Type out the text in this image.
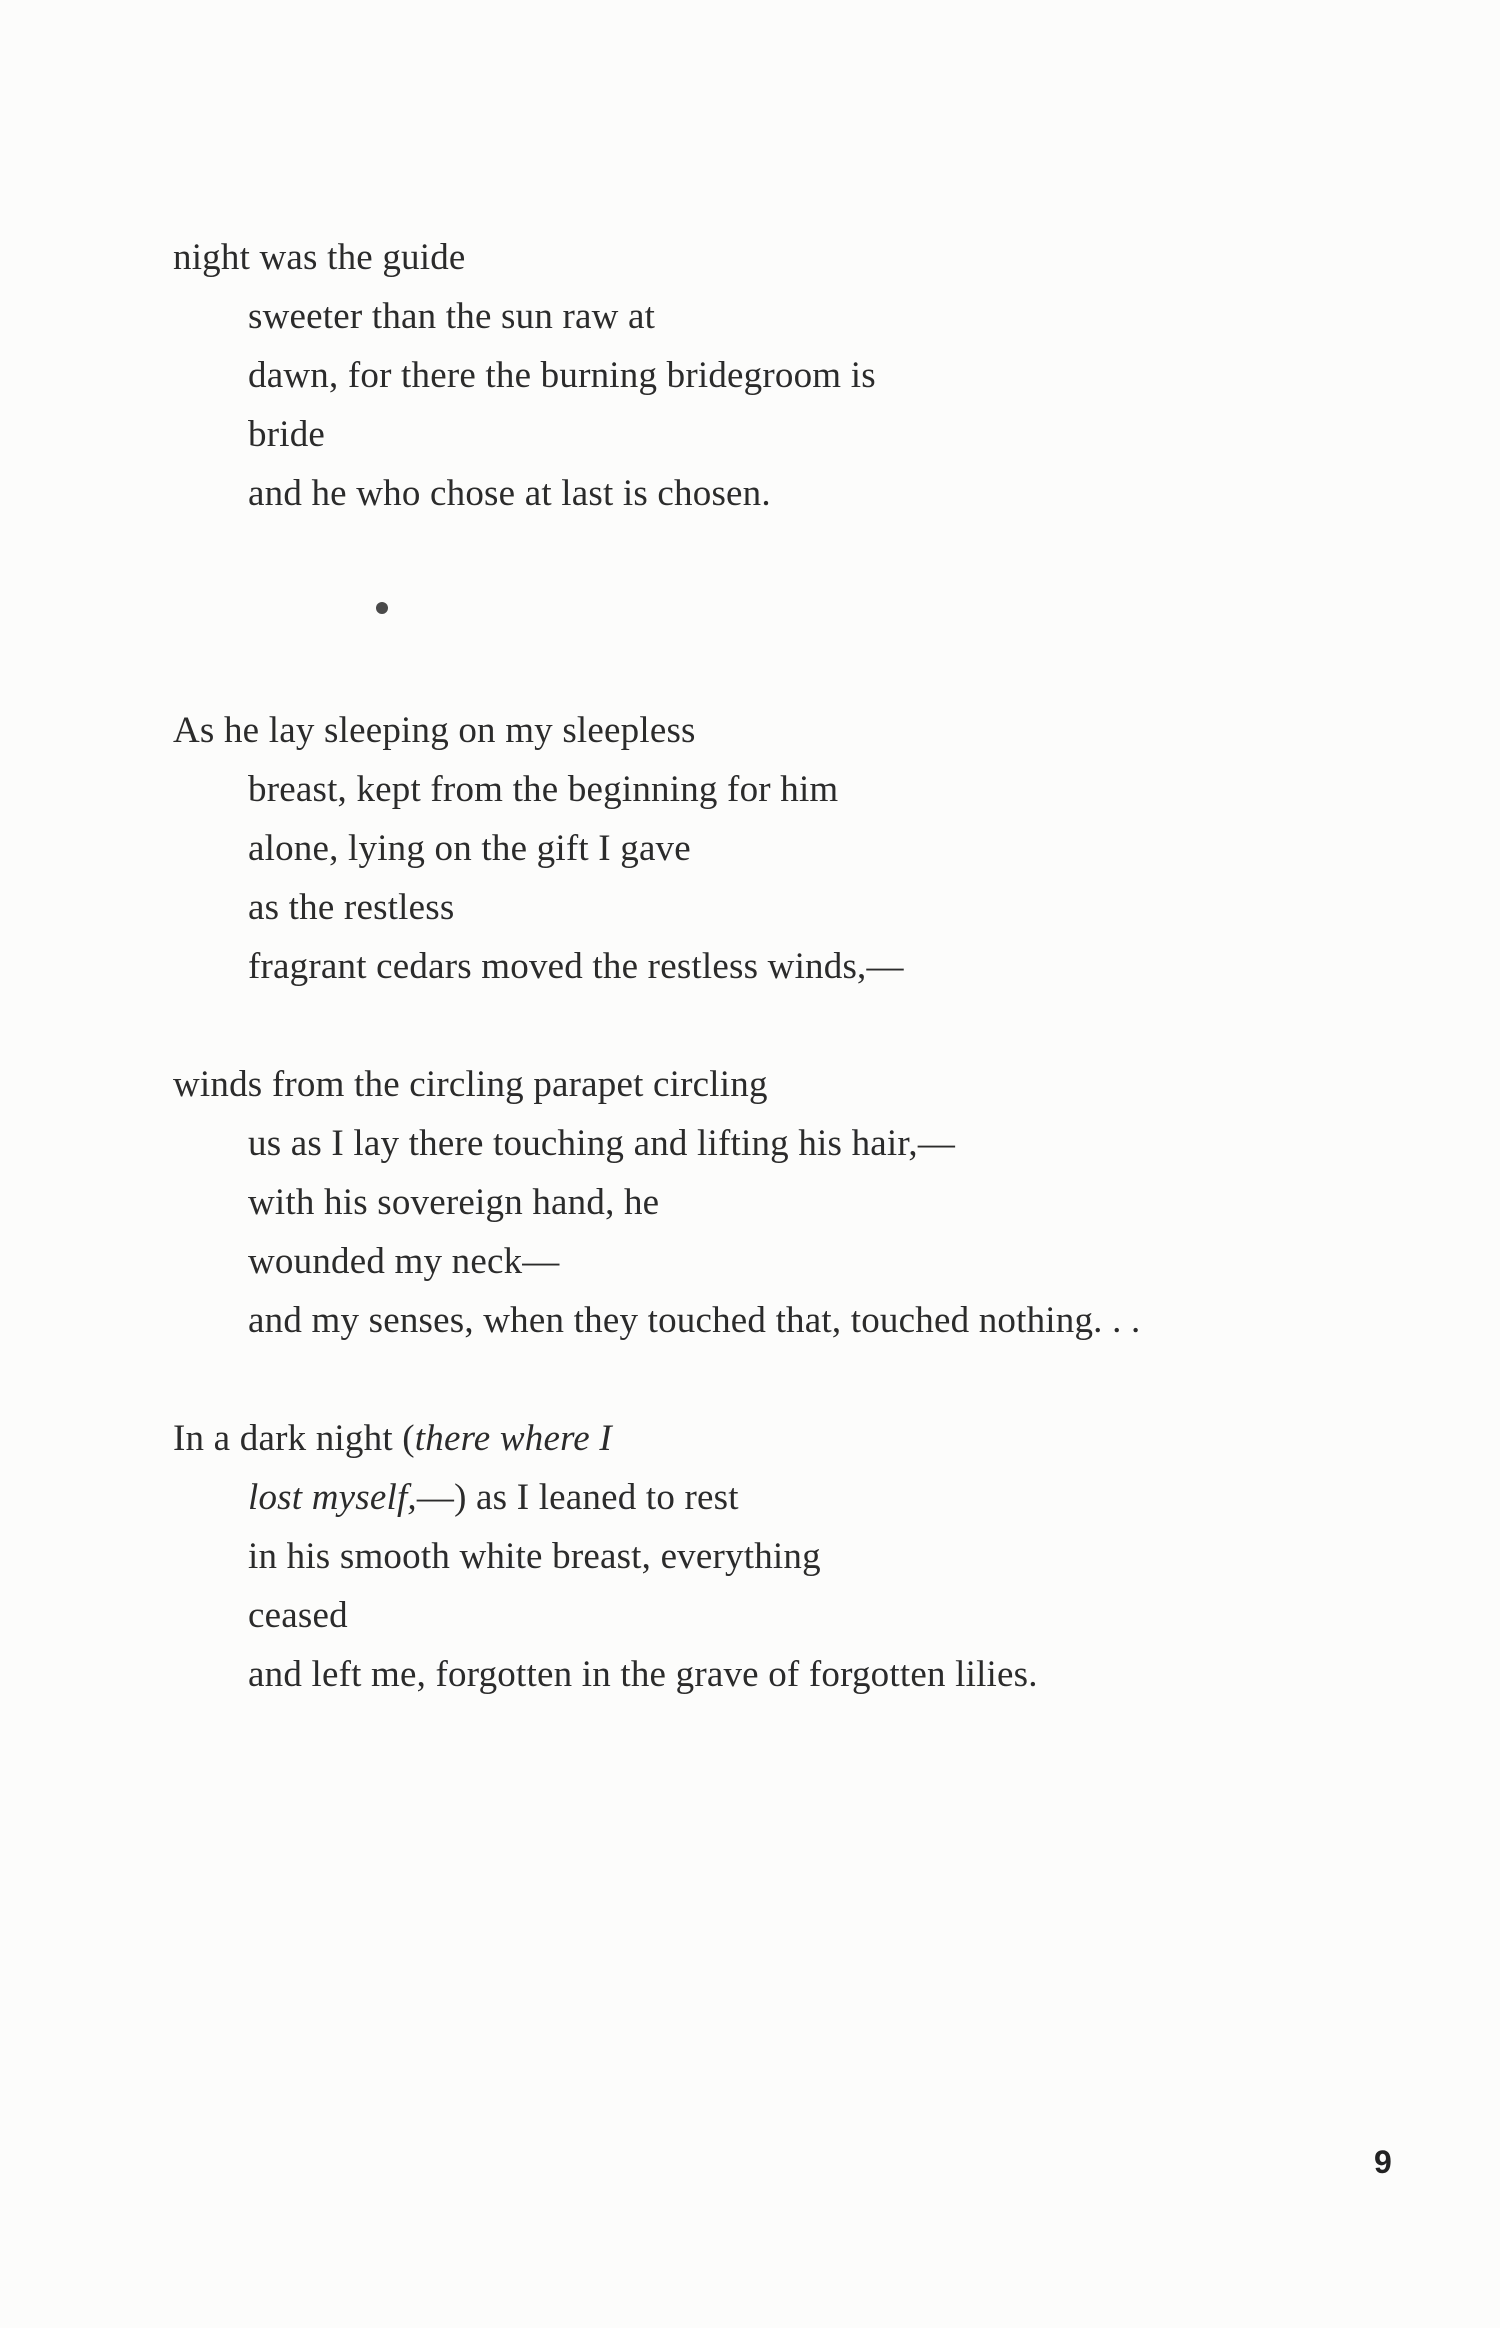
night was the guide
sweeter than the sun raw at
dawn, for there the burning bridegroom is
bride
and he who chose at last is chosen.
As he lay sleeping on my sleepless
breast, kept from the beginning for him
alone, lying on the gift I gave
as the restless
fragrant cedars moved the restless winds,—
winds from the circling parapet circling
us as I lay there touching and lifting his hair,—
with his sovereign hand, he
wounded my neck—
and my senses, when they touched that, touched nothing. . .
In a dark night (there where I
lost myself,—) as I leaned to rest
in his smooth white breast, everything
ceased
and left me, forgotten in the grave of forgotten lilies.
9
